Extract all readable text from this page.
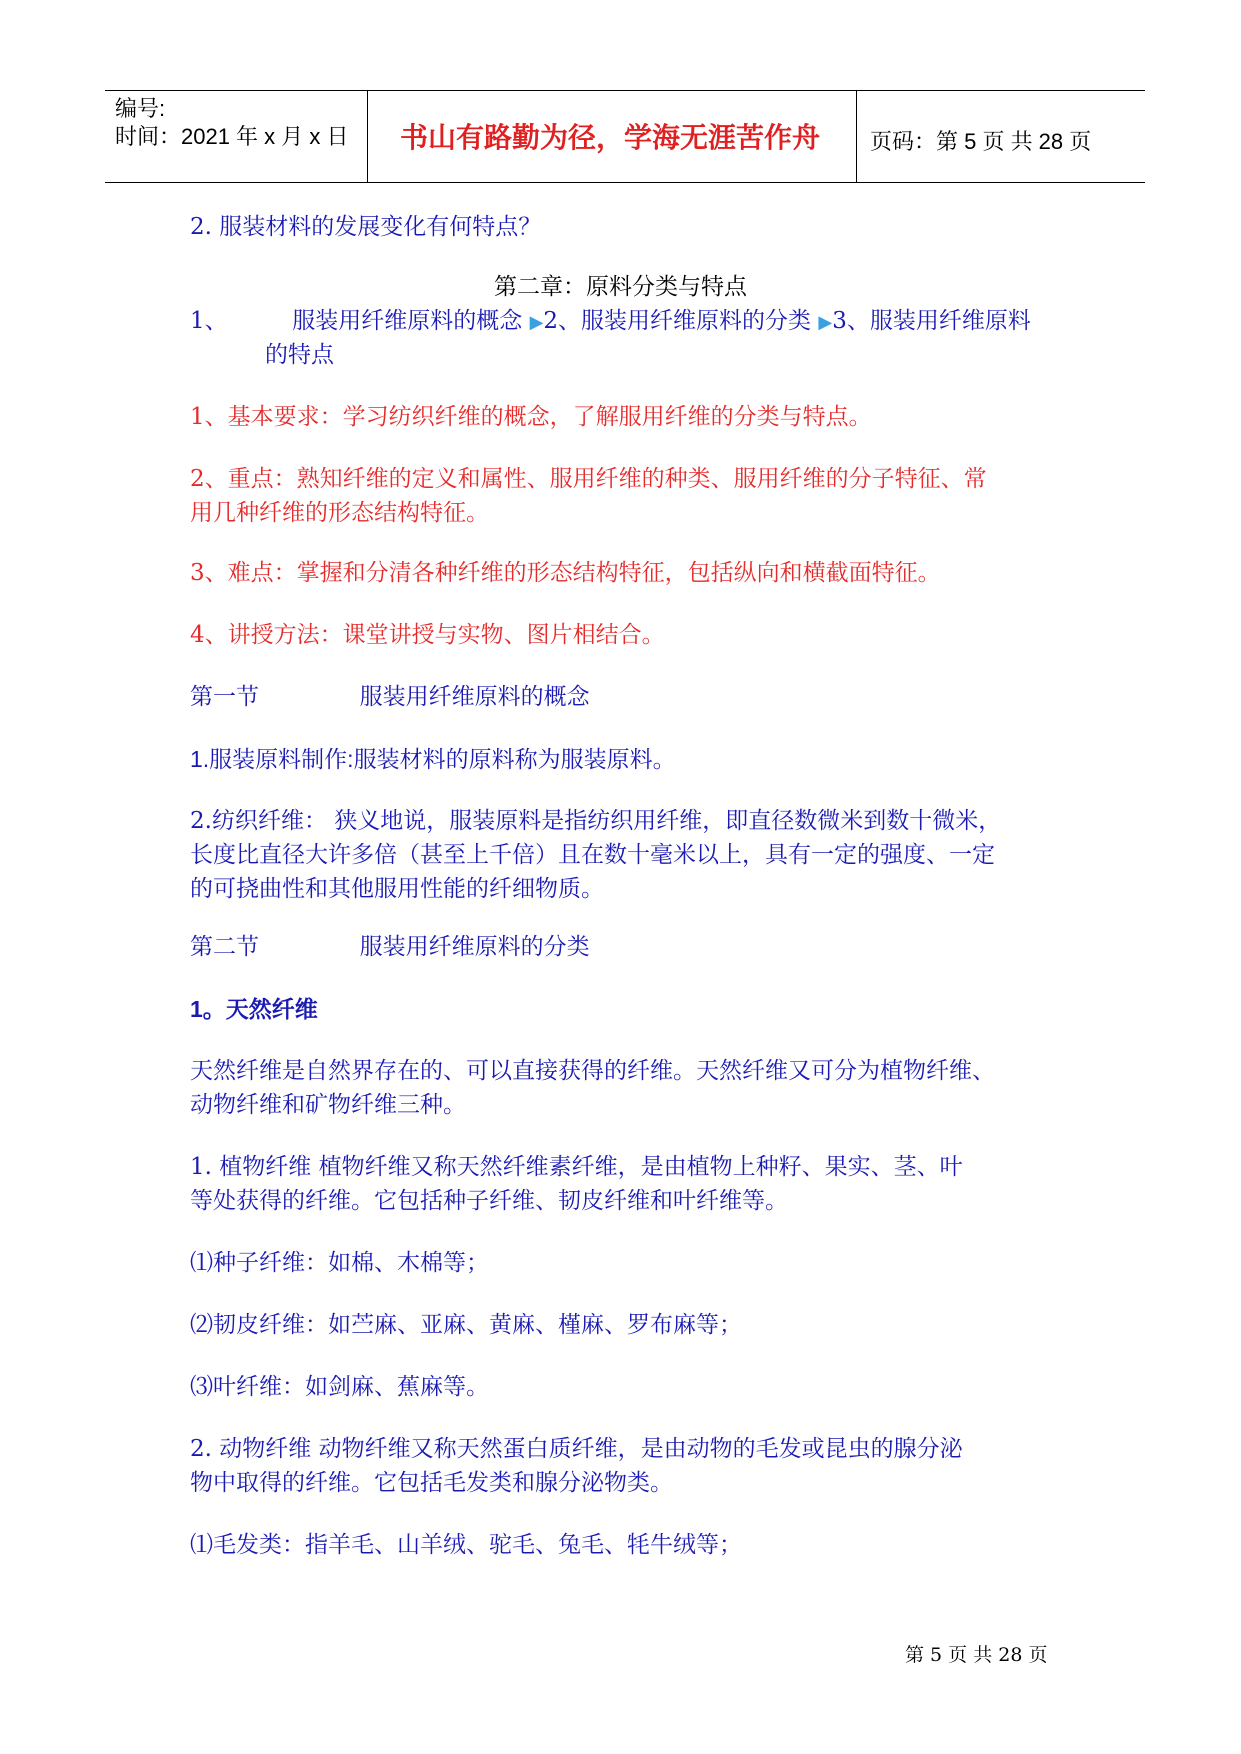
编号:
时间：2021 年 x 月 x 日	书山有路勤为径，学海无涯苦作舟	页码：第 5 页 共 28 页
2. 服装材料的发展变化有何特点？
第二章：原料分类与特点
1、	服装用纤维原料的概念 ▶2、服装用纤维原料的分类 ▶3、服装用纤维原料
的特点
1、基本要求：学习纺织纤维的概念，了解服用纤维的分类与特点。
2、重点：熟知纤维的定义和属性、服用纤维的种类、服用纤维的分子特征、常
用几种纤维的形态结构特征。
3、难点：掌握和分清各种纤维的形态结构特征，包括纵向和横截面特征。
4、讲授方法：课堂讲授与实物、图片相结合。
第一节	服装用纤维原料的概念
1.服装原料制作:服装材料的原料称为服装原料。
2.纺织纤维： 狭义地说，服装原料是指纺织用纤维，即直径数微米到数十微米，
长度比直径大许多倍（甚至上千倍）且在数十毫米以上，具有一定的强度、一定
的可挠曲性和其他服用性能的纤细物质。
第二节	服装用纤维原料的分类
1。天然纤维
天然纤维是自然界存在的、可以直接获得的纤维。天然纤维又可分为植物纤维、
动物纤维和矿物纤维三种。
1. 植物纤维 植物纤维又称天然纤维素纤维，是由植物上种籽、果实、茎、叶
等处获得的纤维。它包括种子纤维、韧皮纤维和叶纤维等。
⑴种子纤维：如棉、木棉等；
⑵韧皮纤维：如苎麻、亚麻、黄麻、槿麻、罗布麻等；
⑶叶纤维：如剑麻、蕉麻等。
2. 动物纤维 动物纤维又称天然蛋白质纤维，是由动物的毛发或昆虫的腺分泌
物中取得的纤维。它包括毛发类和腺分泌物类。
⑴毛发类：指羊毛、山羊绒、驼毛、兔毛、牦牛绒等；
第 5 页 共 28 页
